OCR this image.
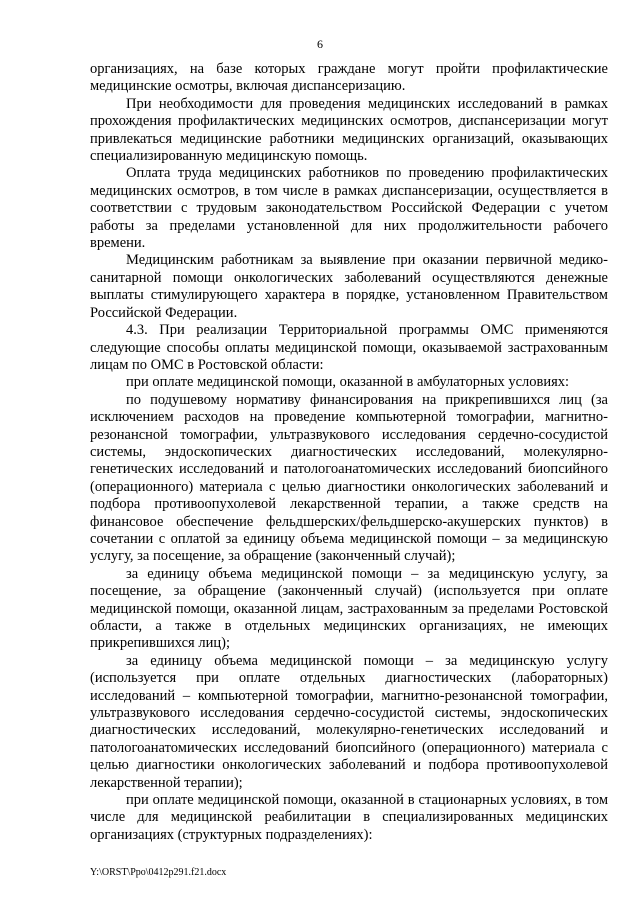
6

организациях, на базе которых граждане могут пройти профилактические медицинские осмотры, включая диспансеризацию.

При необходимости для проведения медицинских исследований в рамках прохождения профилактических медицинских осмотров, диспансеризации могут привлекаться медицинские работники медицинских организаций, оказывающих специализированную медицинскую помощь.

Оплата труда медицинских работников по проведению профилактических медицинских осмотров, в том числе в рамках диспансеризации, осуществляется в соответствии с трудовым законодательством Российской Федерации с учетом работы за пределами установленной для них продолжительности рабочего времени.

Медицинским работникам за выявление при оказании первичной медико-санитарной помощи онкологических заболеваний осуществляются денежные выплаты стимулирующего характера в порядке, установленном Правительством Российской Федерации.

4.3. При реализации Территориальной программы ОМС применяются следующие способы оплаты медицинской помощи, оказываемой застрахованным лицам по ОМС в Ростовской области:

при оплате медицинской помощи, оказанной в амбулаторных условиях:

по подушевому нормативу финансирования на прикрепившихся лиц (за исключением расходов на проведение компьютерной томографии, магнитно-резонансной томографии, ультразвукового исследования сердечно-сосудистой системы, эндоскопических диагностических исследований, молекулярно-генетических исследований и патологоанатомических исследований биопсийного (операционного) материала с целью диагностики онкологических заболеваний и подбора противоопухолевой лекарственной терапии, а также средств на финансовое обеспечение фельдшерских/фельдшерско-акушерских пунктов) в сочетании с оплатой за единицу объема медицинской помощи – за медицинскую услугу, за посещение, за обращение (законченный случай);

за единицу объема медицинской помощи – за медицинскую услугу, за посещение, за обращение (законченный случай) (используется при оплате медицинской помощи, оказанной лицам, застрахованным за пределами Ростовской области, а также в отдельных медицинских организациях, не имеющих прикрепившихся лиц);

за единицу объема медицинской помощи – за медицинскую услугу (используется при оплате отдельных диагностических (лабораторных) исследований – компьютерной томографии, магнитно-резонансной томографии, ультразвукового исследования сердечно-сосудистой системы, эндоскопических диагностических исследований, молекулярно-генетических исследований и патологоанатомических исследований биопсийного (операционного) материала с целью диагностики онкологических заболеваний и подбора противоопухолевой лекарственной терапии);

при оплате медицинской помощи, оказанной в стационарных условиях, в том числе для медицинской реабилитации в специализированных медицинских организациях (структурных подразделениях):

Y:\ORST\Ppo\0412p291.f21.docx
